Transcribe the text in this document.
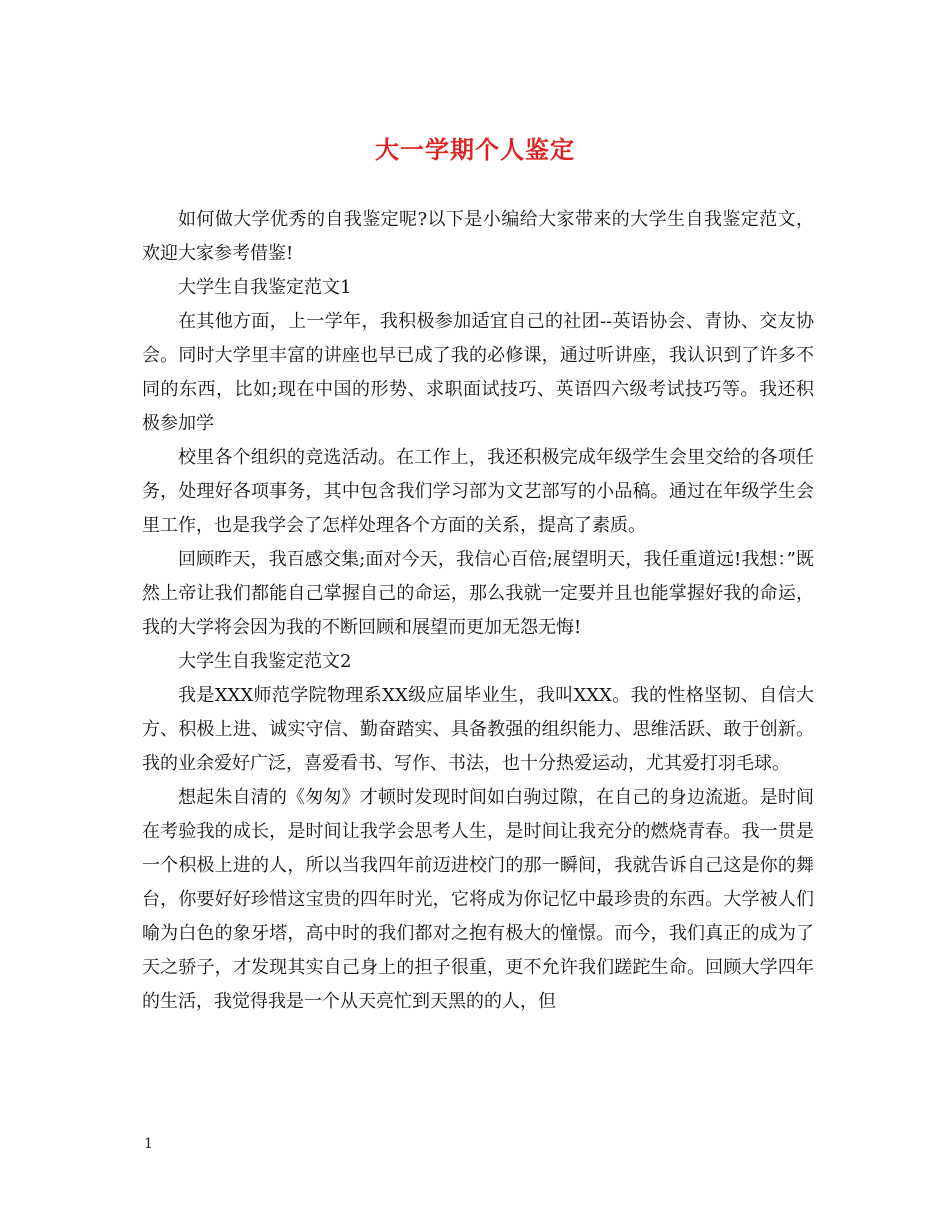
大一学期个人鉴定

如何做大学优秀的自我鉴定呢?以下是小编给大家带来的大学生自我鉴定范文，欢迎大家参考借鉴!

大学生自我鉴定范文1

在其他方面，上一学年，我积极参加适宜自己的社团--英语协会、青协、交友协会。同时大学里丰富的讲座也早已成了我的必修课，通过听讲座，我认识到了许多不同的东西，比如;现在中国的形势、求职面试技巧、英语四六级考试技巧等。我还积极参加学

校里各个组织的竞选活动。在工作上，我还积极完成年级学生会里交给的各项任务，处理好各项事务，其中包含我们学习部为文艺部写的小品稿。通过在年级学生会里工作，也是我学会了怎样处理各个方面的关系，提高了素质。

回顾昨天，我百感交集;面对今天，我信心百倍;展望明天，我任重道远!我想：”既然上帝让我们都能自己掌握自己的命运，那么我就一定要并且也能掌握好我的命运，我的大学将会因为我的不断回顾和展望而更加无怨无悔!

大学生自我鉴定范文2

我是XXX师范学院物理系XX级应届毕业生，我叫XXX。我的性格坚韧、自信大方、积极上进、诚实守信、勤奋踏实、具备教强的组织能力、思维活跃、敢于创新。我的业余爱好广泛，喜爱看书、写作、书法，也十分热爱运动，尤其爱打羽毛球。

想起朱自清的《匆匆》才顿时发现时间如白驹过隙，在自己的身边流逝。是时间在考验我的成长，是时间让我学会思考人生，是时间让我充分的燃烧青春。我一贯是一个积极上进的人，所以当我四年前迈进校门的那一瞬间，我就告诉自己这是你的舞台，你要好好珍惜这宝贵的四年时光，它将成为你记忆中最珍贵的东西。大学被人们喻为白色的象牙塔，高中时的我们都对之抱有极大的憧憬。而今，我们真正的成为了天之骄子，才发现其实自己身上的担子很重，更不允许我们蹉跎生命。回顾大学四年的生活，我觉得我是一个从天亮忙到天黑的的人，但

1
